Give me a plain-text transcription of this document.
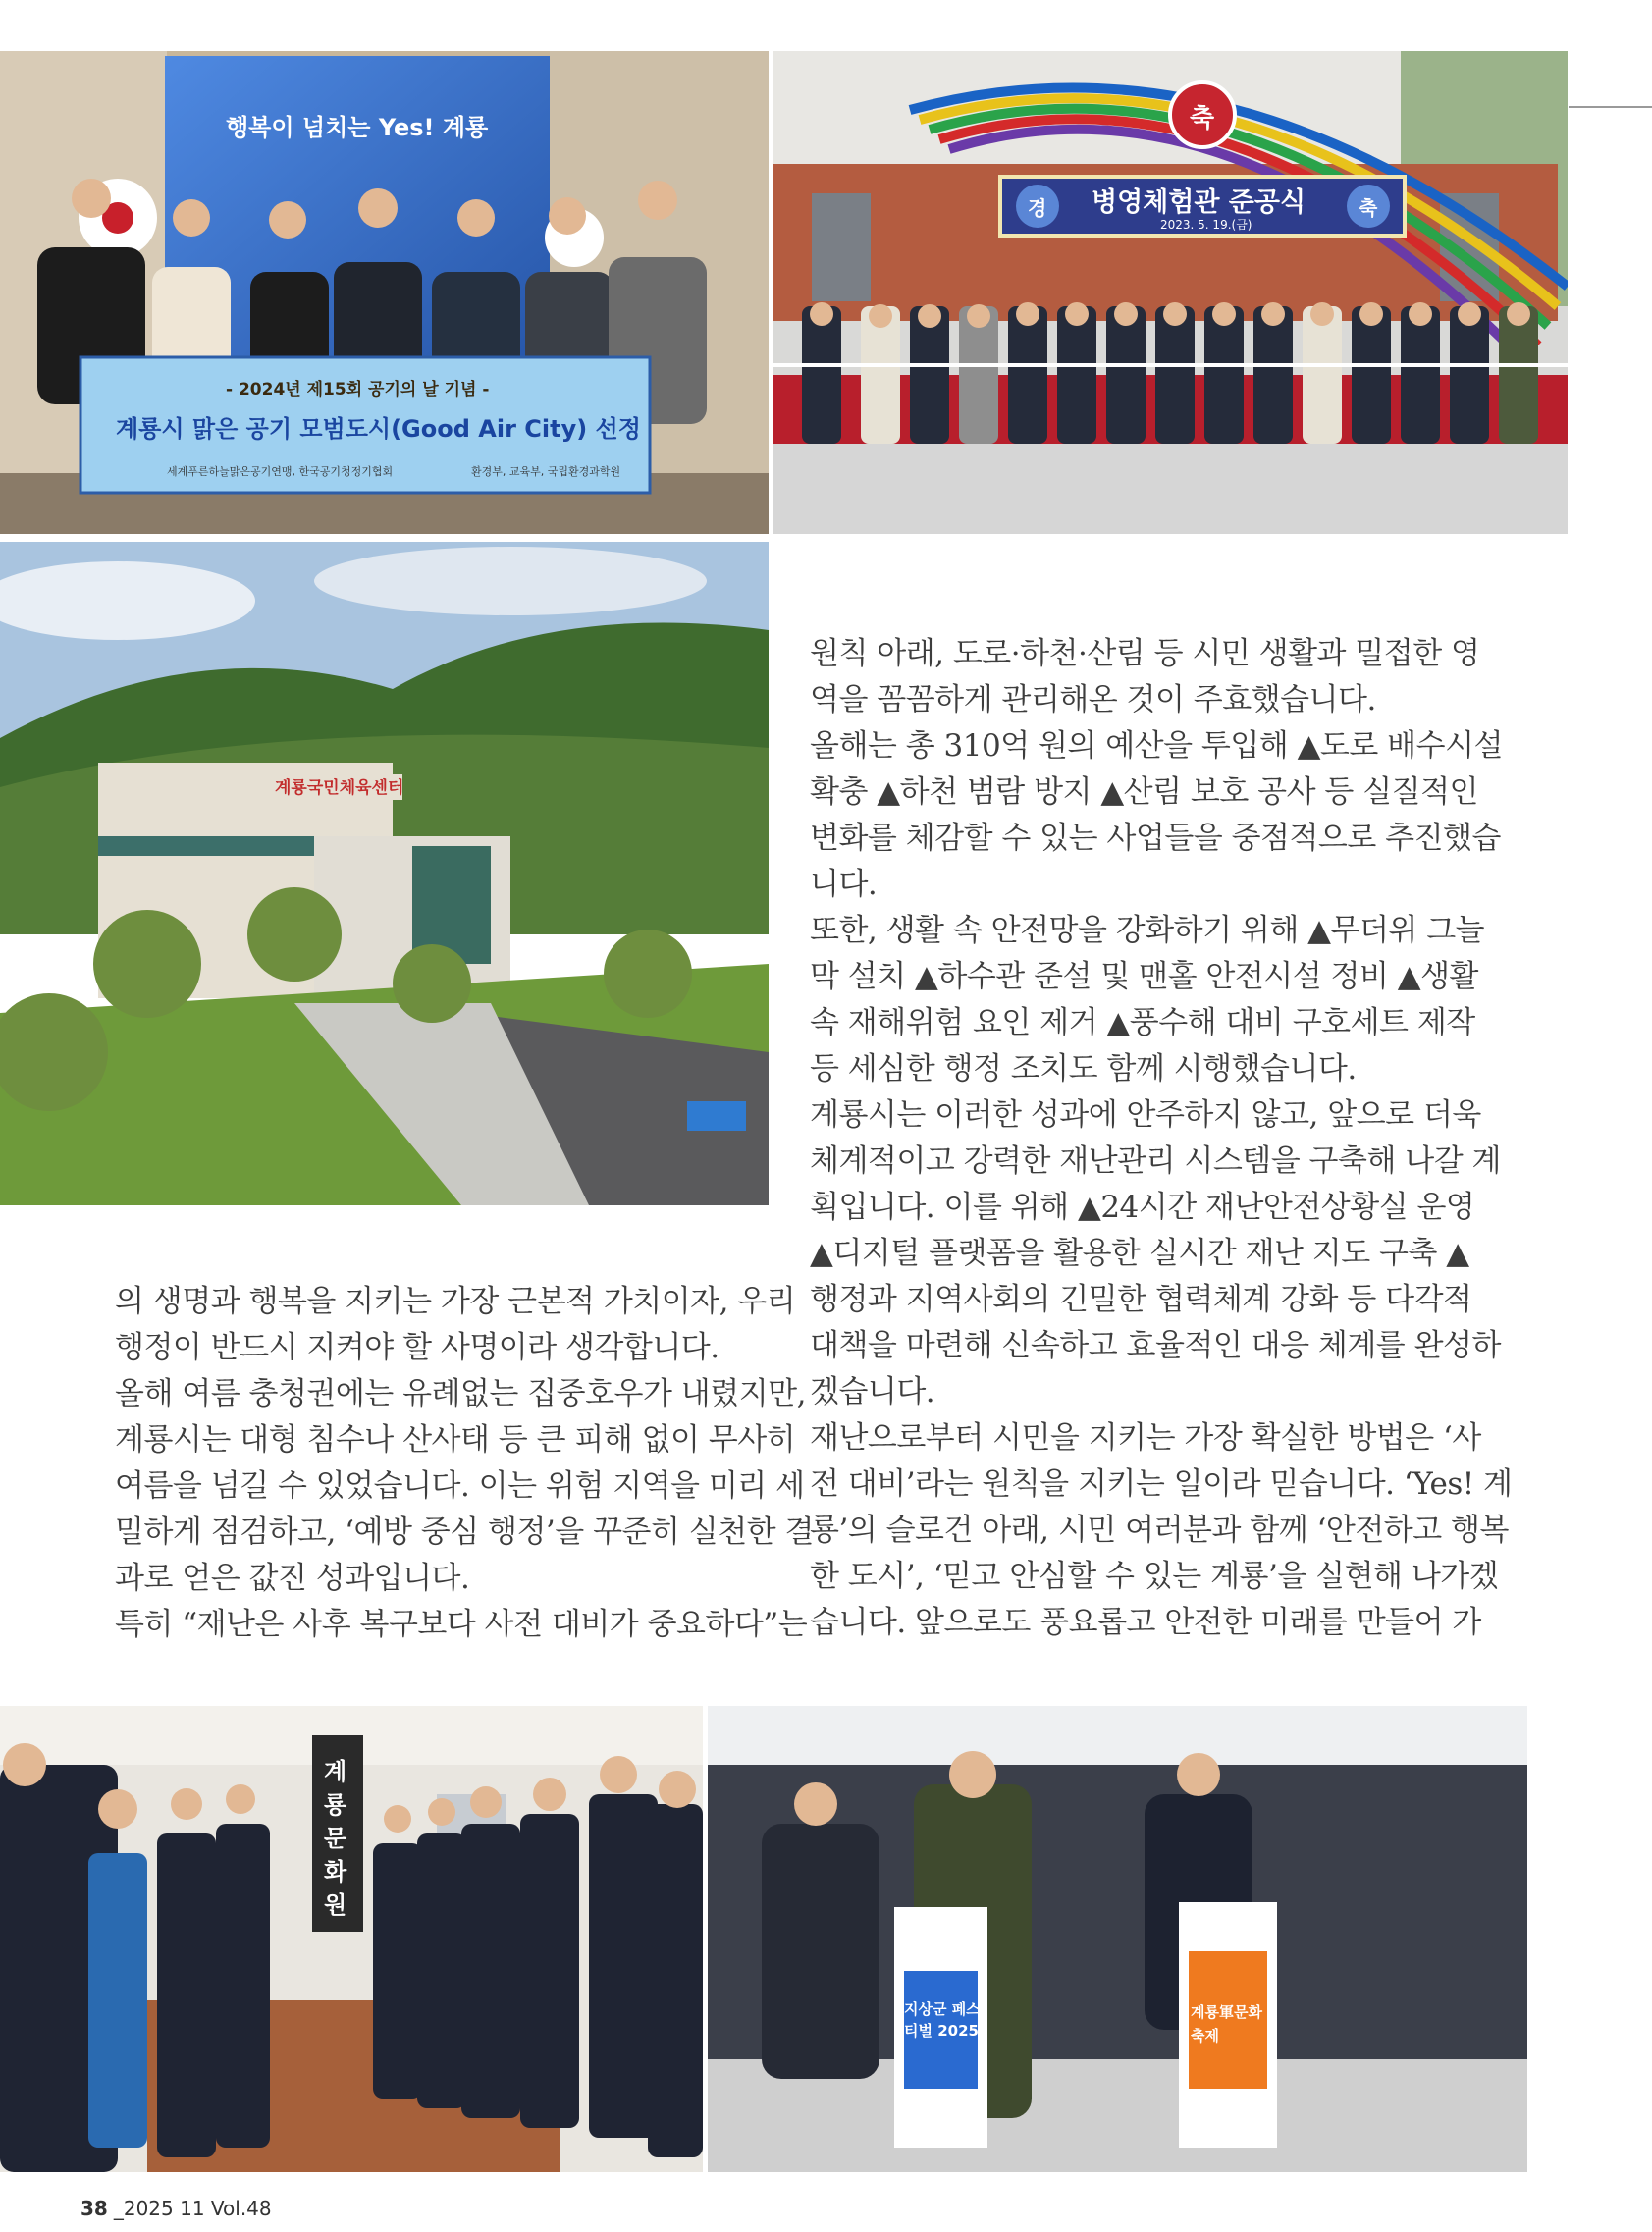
행복이 넘치는 Yes! 계룡
- 2024년 제15회 공기의 날 기념 -
계룡시 맑은 공기 모범도시(Good Air City) 선정
세계푸른하늘맑은공기연맹, 한국공기청정기협회	환경부, 교육부, 국립환경과학원
축
경 병영체험관 준공식	축
2023. 5. 19.(금)
계룡국민체육센터

의 생명과 행복을 지키는 가장 근본적 가치이자, 우리

행정이 반드시 지켜야 할 사명이라 생각합니다.

올해 여름 충청권에는 유례없는 집중호우가 내렸지만,

계룡시는 대형 침수나 산사태 등 큰 피해 없이 무사히

여름을 넘길 수 있었습니다. 이는 위험 지역을 미리 세

밀하게 점검하고, ‘예방 중심 행정’을 꾸준히 실천한 결

과로 얻은 값진 성과입니다.

특히 “재난은 사후 복구보다 사전 대비가 중요하다”는

원칙 아래, 도로·하천·산림 등 시민 생활과 밀접한 영

역을 꼼꼼하게 관리해온 것이 주효했습니다.

올해는 총 310억 원의 예산을 투입해 ▲도로 배수시설

확충 ▲하천 범람 방지 ▲산림 보호 공사 등 실질적인

변화를 체감할 수 있는 사업들을 중점적으로 추진했습

니다.

또한, 생활 속 안전망을 강화하기 위해 ▲무더위 그늘

막 설치 ▲하수관 준설 및 맨홀 안전시설 정비 ▲생활

속 재해위험 요인 제거 ▲풍수해 대비 구호세트 제작

등 세심한 행정 조치도 함께 시행했습니다.

계룡시는 이러한 성과에 안주하지 않고, 앞으로 더욱

체계적이고 강력한 재난관리 시스템을 구축해 나갈 계

획입니다. 이를 위해 ▲24시간 재난안전상황실 운영

▲디지털 플랫폼을 활용한 실시간 재난 지도 구축 ▲

행정과 지역사회의 긴밀한 협력체계 강화 등 다각적

대책을 마련해 신속하고 효율적인 대응 체계를 완성하

겠습니다.

재난으로부터 시민을 지키는 가장 확실한 방법은 ‘사

전 대비’라는 원칙을 지키는 일이라 믿습니다. ‘Yes! 계

룡’의 슬로건 아래, 시민 여러분과 함께 ‘안전하고 행복

한 도시’, ‘믿고 안심할 수 있는 계룡’을 실현해 나가겠

습니다. 앞으로도 풍요롭고 안전한 미래를 만들어 가

계룡문화원
지상군 페스티벌 2025
계룡軍문화축제
38 _2025 11 Vol.48
